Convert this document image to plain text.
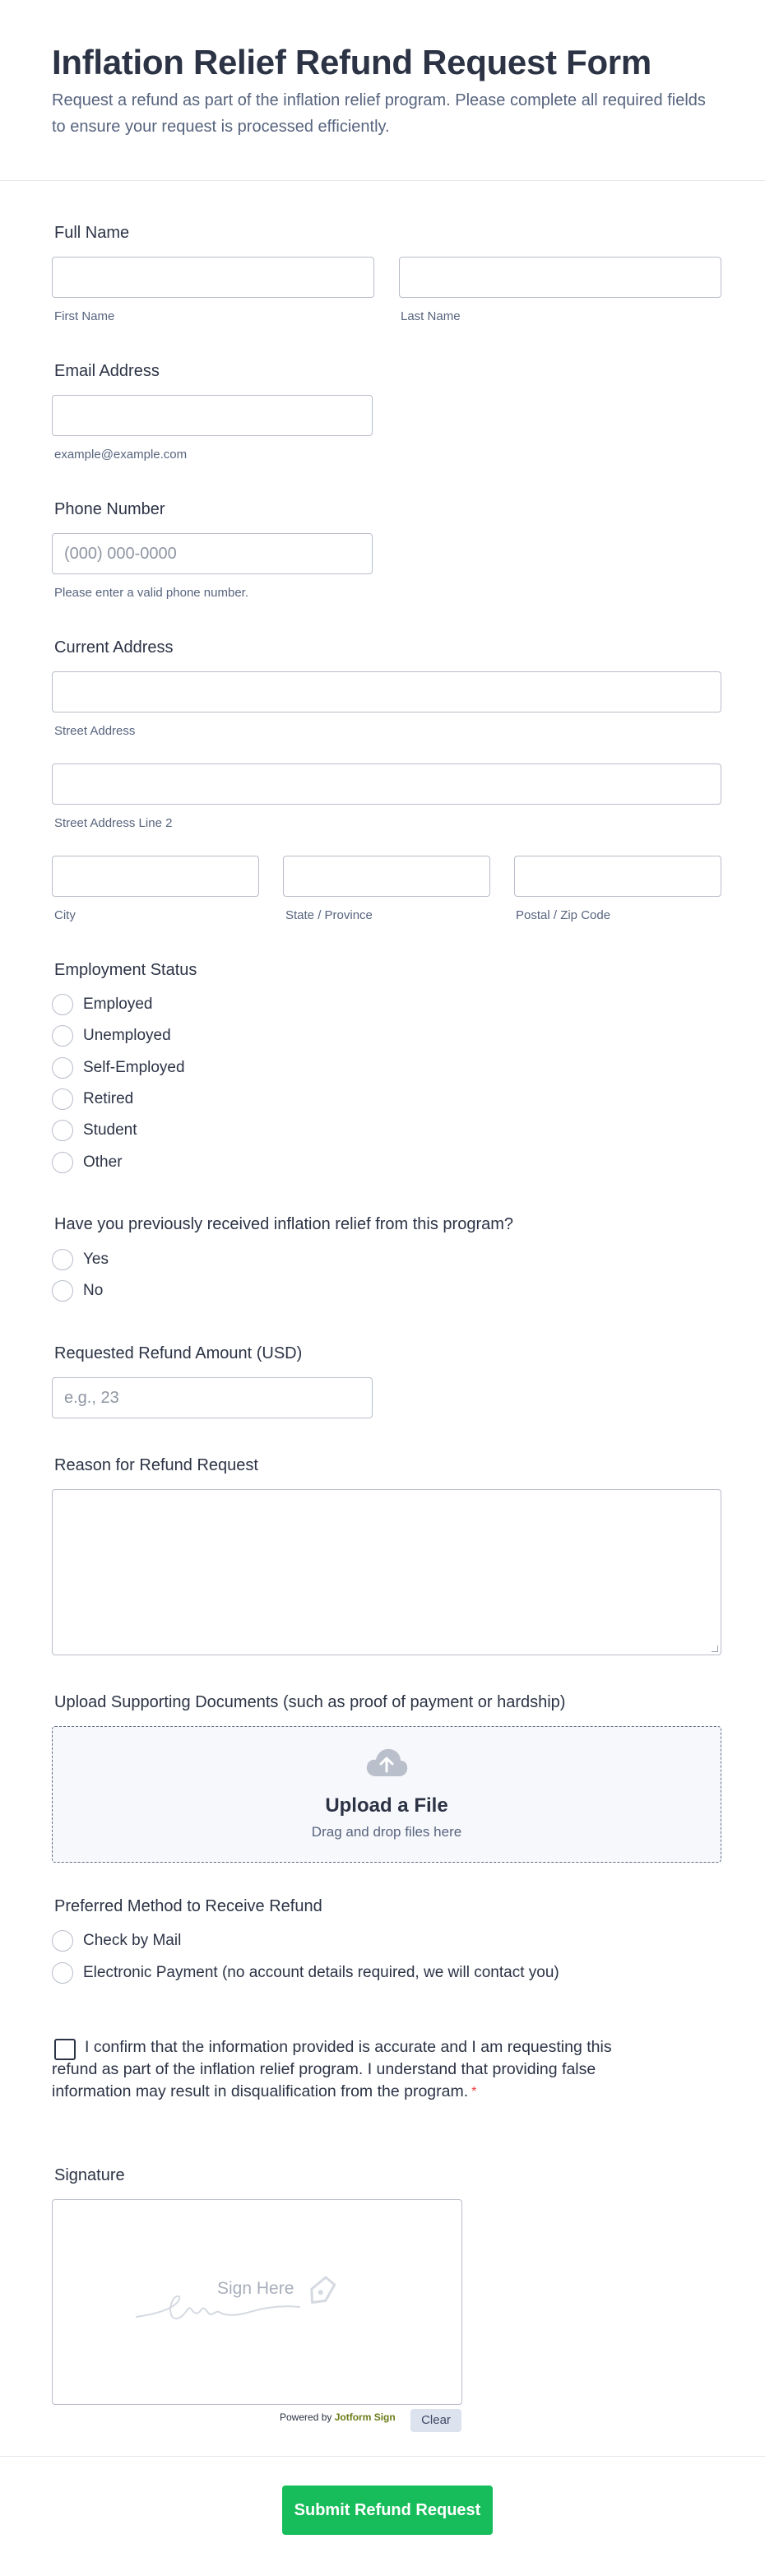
Inflation Relief Refund Request Form
Request a refund as part of the inflation relief program. Please complete all required fields to ensure your request is processed efficiently.
Full Name
First Name	Last Name
Email Address
example@example.com
Phone Number
(000) 000-0000
Please enter a valid phone number.
Current Address
Street Address
Street Address Line 2
City	State / Province	Postal / Zip Code
Employment Status
Employed
Unemployed
Self-Employed
Retired
Student
Other
Have you previously received inflation relief from this program?
Yes
No
Requested Refund Amount (USD)
e.g., 23
Reason for Refund Request
Upload Supporting Documents (such as proof of payment or hardship)
Upload a File
Drag and drop files here
Preferred Method to Receive Refund
Check by Mail
Electronic Payment (no account details required, we will contact you)
I confirm that the information provided is accurate and I am requesting this refund as part of the inflation relief program. I understand that providing false information may result in disqualification from the program. *
Signature
Sign Here
Powered by Jotform Sign	Clear
Submit Refund Request
